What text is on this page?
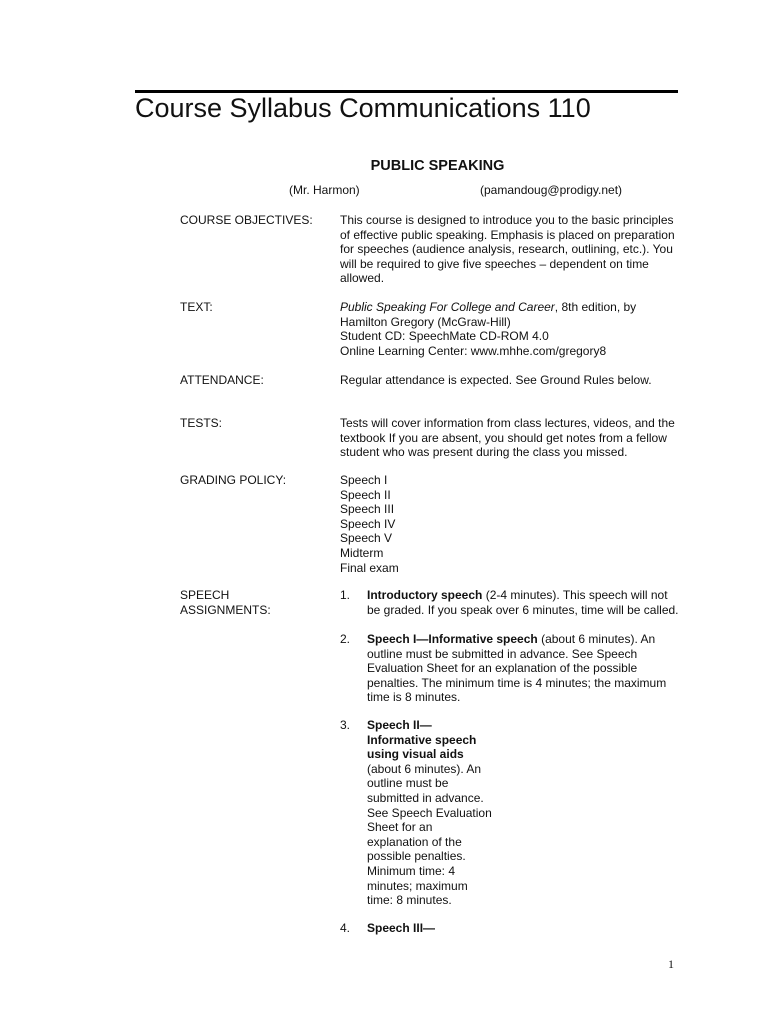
Course Syllabus Communications 110
PUBLIC SPEAKING
(Mr. Harmon)	(pamandoug@prodigy.net)
COURSE OBJECTIVES: This course is designed to introduce you to the basic principles
of effective public speaking. Emphasis is placed on preparation
for speeches (audience analysis, research, outlining, etc.). You
will be required to give five speeches – dependent on time
allowed.
TEXT:	Public Speaking For College and Career, 8th edition, by
Hamilton Gregory (McGraw-Hill)
Student CD: SpeechMate CD-ROM 4.0
Online Learning Center: www.mhhe.com/gregory8
ATTENDANCE:	Regular attendance is expected. See Ground Rules below.
TESTS:	Tests will cover information from class lectures, videos, and the
textbook If you are absent, you should get notes from a fellow
student who was present during the class you missed.
GRADING POLICY:	Speech I
Speech II
Speech III
Speech IV
Speech V
Midterm
Final exam
SPEECH
ASSIGNMENTS:
1. Introductory speech (2-4 minutes). This speech will not
be graded. If you speak over 6 minutes, time will be called.
2. Speech I—Informative speech (about 6 minutes). An
outline must be submitted in advance. See Speech
Evaluation Sheet for an explanation of the possible
penalties. The minimum time is 4 minutes; the maximum
time is 8 minutes.
3. Speech II—
Informative speech
using visual aids
(about 6 minutes). An
outline must be
submitted in advance.
See Speech Evaluation
Sheet for an
explanation of the
possible penalties.
Minimum time: 4
minutes; maximum
time: 8 minutes.
4. Speech III—
1
